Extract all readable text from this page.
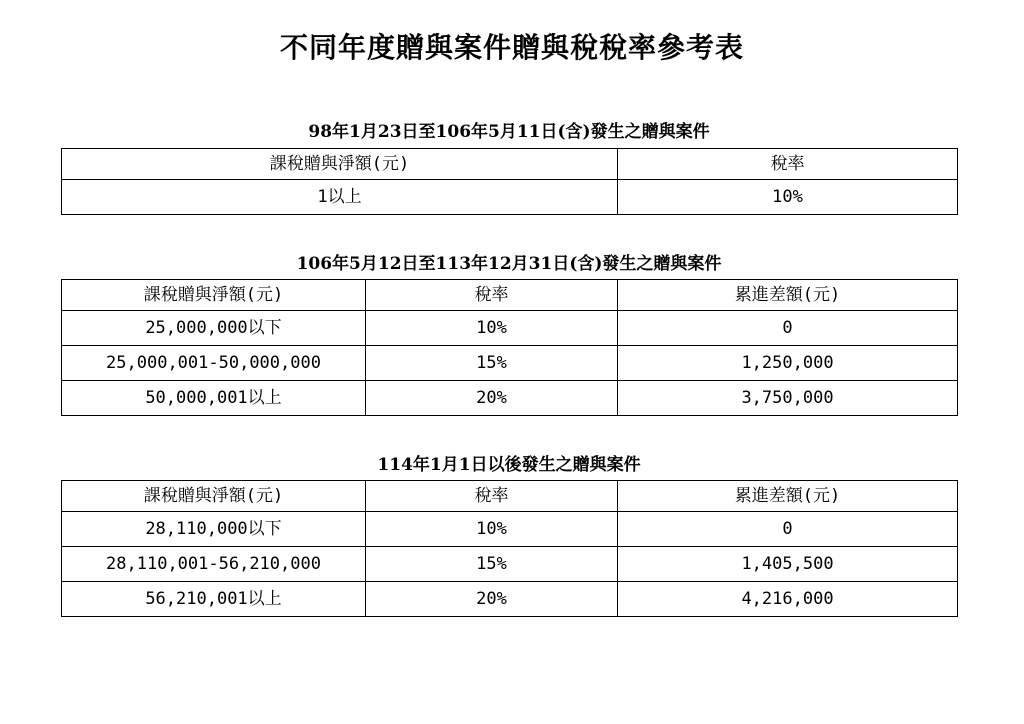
不同年度贈與案件贈與稅稅率參考表
98年1月23日至106年5月11日(含)發生之贈與案件
課稅贈與淨額(元)	稅率
1以上	10%
106年5月12日至113年12月31日(含)發生之贈與案件
課稅贈與淨額(元)	稅率	累進差額(元)
25,000,000以下	10%	0
25,000,001-50,000,000	15%	1,250,000
50,000,001以上	20%	3,750,000
114年1月1日以後發生之贈與案件
課稅贈與淨額(元)	稅率	累進差額(元)
28,110,000以下	10%	0
28,110,001-56,210,000	15%	1,405,500
56,210,001以上	20%	4,216,000
